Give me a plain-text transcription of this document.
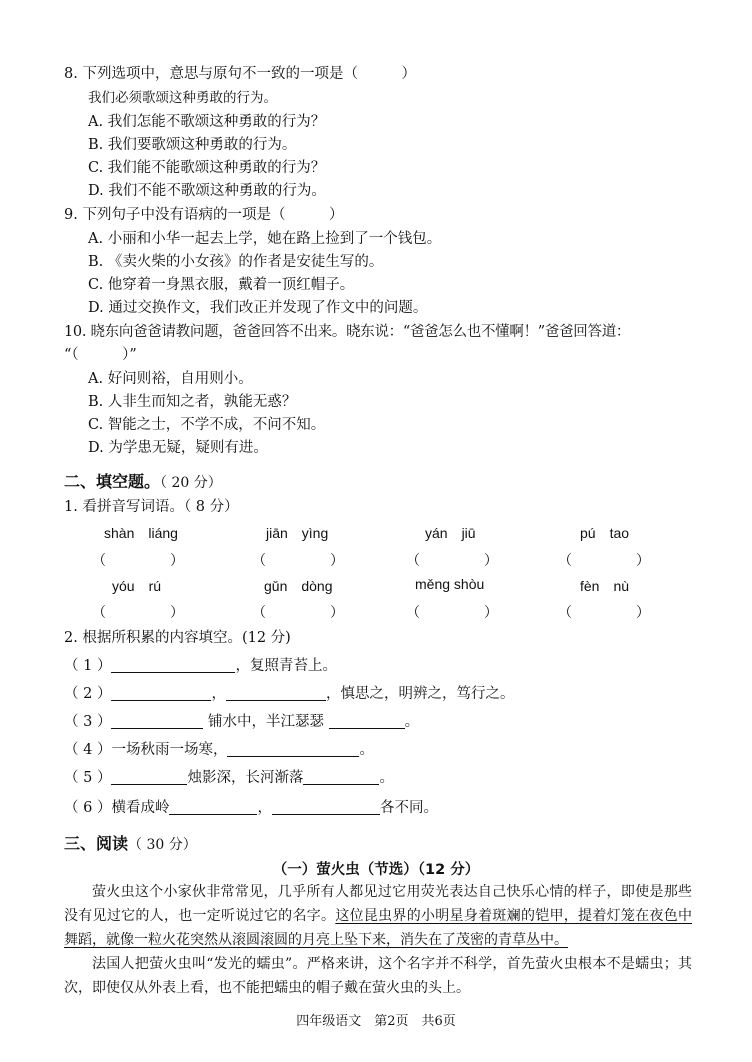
8. 下列选项中，意思与原句不一致的一项是（　　　）
我们必须歌颂这种勇敢的行为。
A. 我们怎能不歌颂这种勇敢的行为？
B. 我们要歌颂这种勇敢的行为。
C. 我们能不能歌颂这种勇敢的行为？
D. 我们不能不歌颂这种勇敢的行为。
9. 下列句子中没有语病的一项是（　　　）
A. 小丽和小华一起去上学，她在路上捡到了一个钱包。
B. 《卖火柴的小女孩》的作者是安徒生写的。
C. 他穿着一身黑衣服，戴着一顶红帽子。
D. 通过交换作文，我们改正并发现了作文中的问题。
10. 晓东向爸爸请教问题，爸爸回答不出来。晓东说：“爸爸怎么也不懂啊！”爸爸回答道：
“（　　　）”
A. 好问则裕，自用则小。
B. 人非生而知之者，孰能无惑？
C. 智能之士，不学不成，不问不知。
D. 为学患无疑，疑则有进。
二、填空题。（ 20 分）
1. 看拼音写词语。（ 8 分）
shàn　liáng	jiān　yìng	yán　jiū	pú　tao
（	）	（	）	（	）	（	）
yóu　rú	gǔn　dòng	měng shòu	fèn　nù
（	）	（	）	（	）	（	）
2. 根据所积累的内容填空。(12 分)
（ 1 ）	，复照青苔上。
（ 2 ）	，	，慎思之，明辨之，笃行之。
（ 3 ）	铺水中，半江瑟瑟	。
（ 4 ）一场秋雨一场寒，	。
（ 5 ）	烛影深，长河渐落	。
（ 6 ）横看成岭	，	各不同。
三、阅读（ 30 分）
（一）萤火虫（节选）（12 分）
萤火虫这个小家伙非常常见，几乎所有人都见过它用荧光表达自己快乐心情的样子，即使是那些没有见过它的人，也一定听说过它的名字。这位昆虫界的小明星身着斑斓的铠甲，提着灯笼在夜色中舞蹈，就像一粒火花突然从滚圆滚圆的月亮上坠下来，消失在了茂密的青草丛中。
法国人把萤火虫叫“发光的蠕虫”。严格来讲，这个名字并不科学，首先萤火虫根本不是蠕虫；其次，即使仅从外表上看，也不能把蠕虫的帽子戴在萤火虫的头上。
四年级语文　第2页　共6页
